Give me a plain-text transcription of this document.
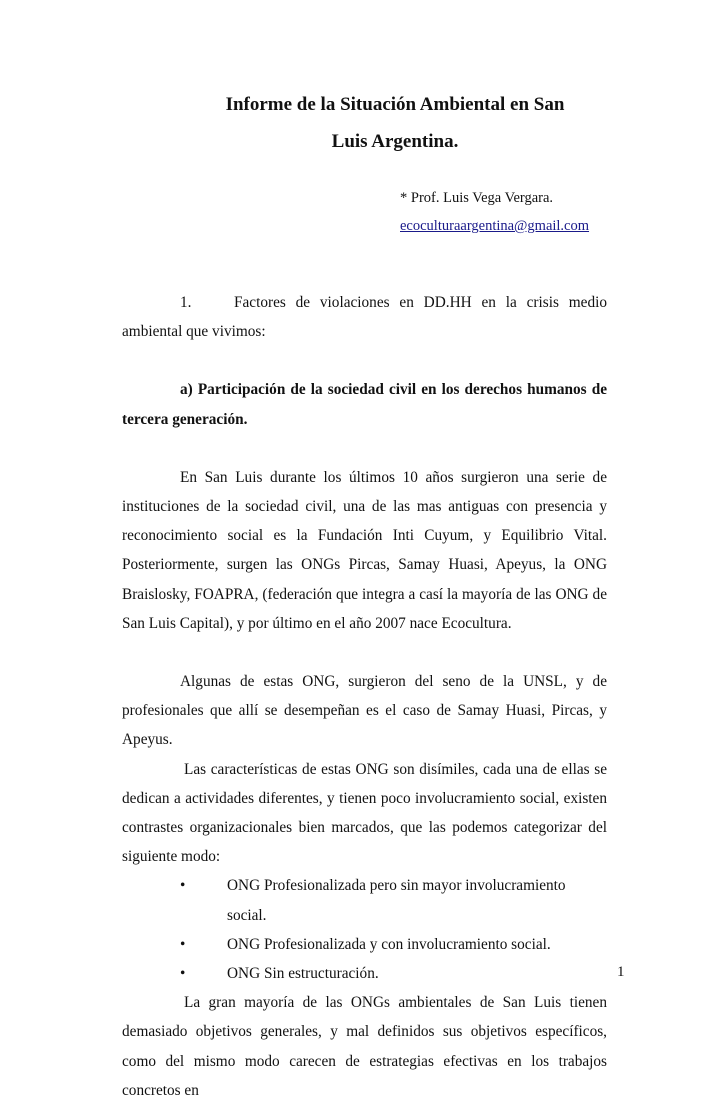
Informe de la Situación Ambiental en San
Luis Argentina.
* Prof. Luis Vega Vergara.
ecoculturaargentina@gmail.com

1.	Factores de violaciones en DD.HH en la crisis medio ambiental que vivimos:

a) Participación de la sociedad civil en los derechos humanos de tercera generación.

En San Luis durante los últimos 10 años surgieron una serie de instituciones de la sociedad civil, una de las mas antiguas con presencia y reconocimiento social es la Fundación Inti Cuyum, y Equilibrio Vital. Posteriormente, surgen las ONGs Pircas, Samay Huasi, Apeyus, la ONG Braislosky, FOAPRA, (federación que integra a casí la mayoría de las ONG de San Luis Capital), y por último en el año 2007 nace Ecocultura.

Algunas de estas ONG, surgieron del seno de la UNSL, y de profesionales que allí se desempeñan es el caso de Samay Huasi, Pircas, y Apeyus.

Las características de estas ONG son disímiles, cada una de ellas se dedican a actividades diferentes, y tienen poco involucramiento social, existen contrastes organizacionales bien marcados, que las podemos categorizar del siguiente modo:

•	ONG Profesionalizada pero sin mayor involucramiento social.
•	ONG Profesionalizada y con involucramiento social.
•	ONG Sin estructuración.

La gran mayoría de las ONGs ambientales de San Luis tienen demasiado objetivos generales, y mal definidos sus objetivos específicos, como del mismo modo carecen de estrategias efectivas en los trabajos concretos en

1
